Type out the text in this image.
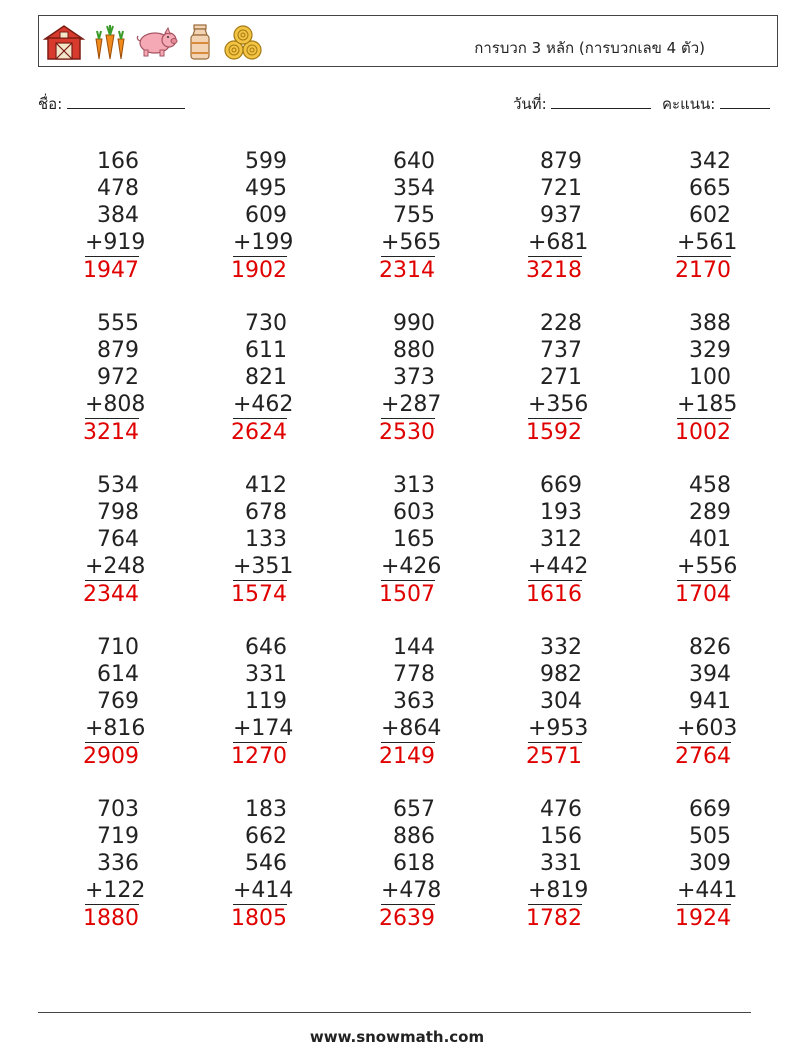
การบวก 3 หลัก (การบวกเลข 4 ตัว)
ชื่อ:	วันที่:	คะแนน:
166
478
384
+919
1947
599
495
609
+199
1902
640
354
755
+565
2314
879
721
937
+681
3218
342
665
602
+561
2170
555
879
972
+808
3214
730
611
821
+462
2624
990
880
373
+287
2530
228
737
271
+356
1592
388
329
100
+185
1002
534
798
764
+248
2344
412
678
133
+351
1574
313
603
165
+426
1507
669
193
312
+442
1616
458
289
401
+556
1704
710
614
769
+816
2909
646
331
119
+174
1270
144
778
363
+864
2149
332
982
304
+953
2571
826
394
941
+603
2764
703
719
336
+122
1880
183
662
546
+414
1805
657
886
618
+478
2639
476
156
331
+819
1782
669
505
309
+441
1924
www.snowmath.com
